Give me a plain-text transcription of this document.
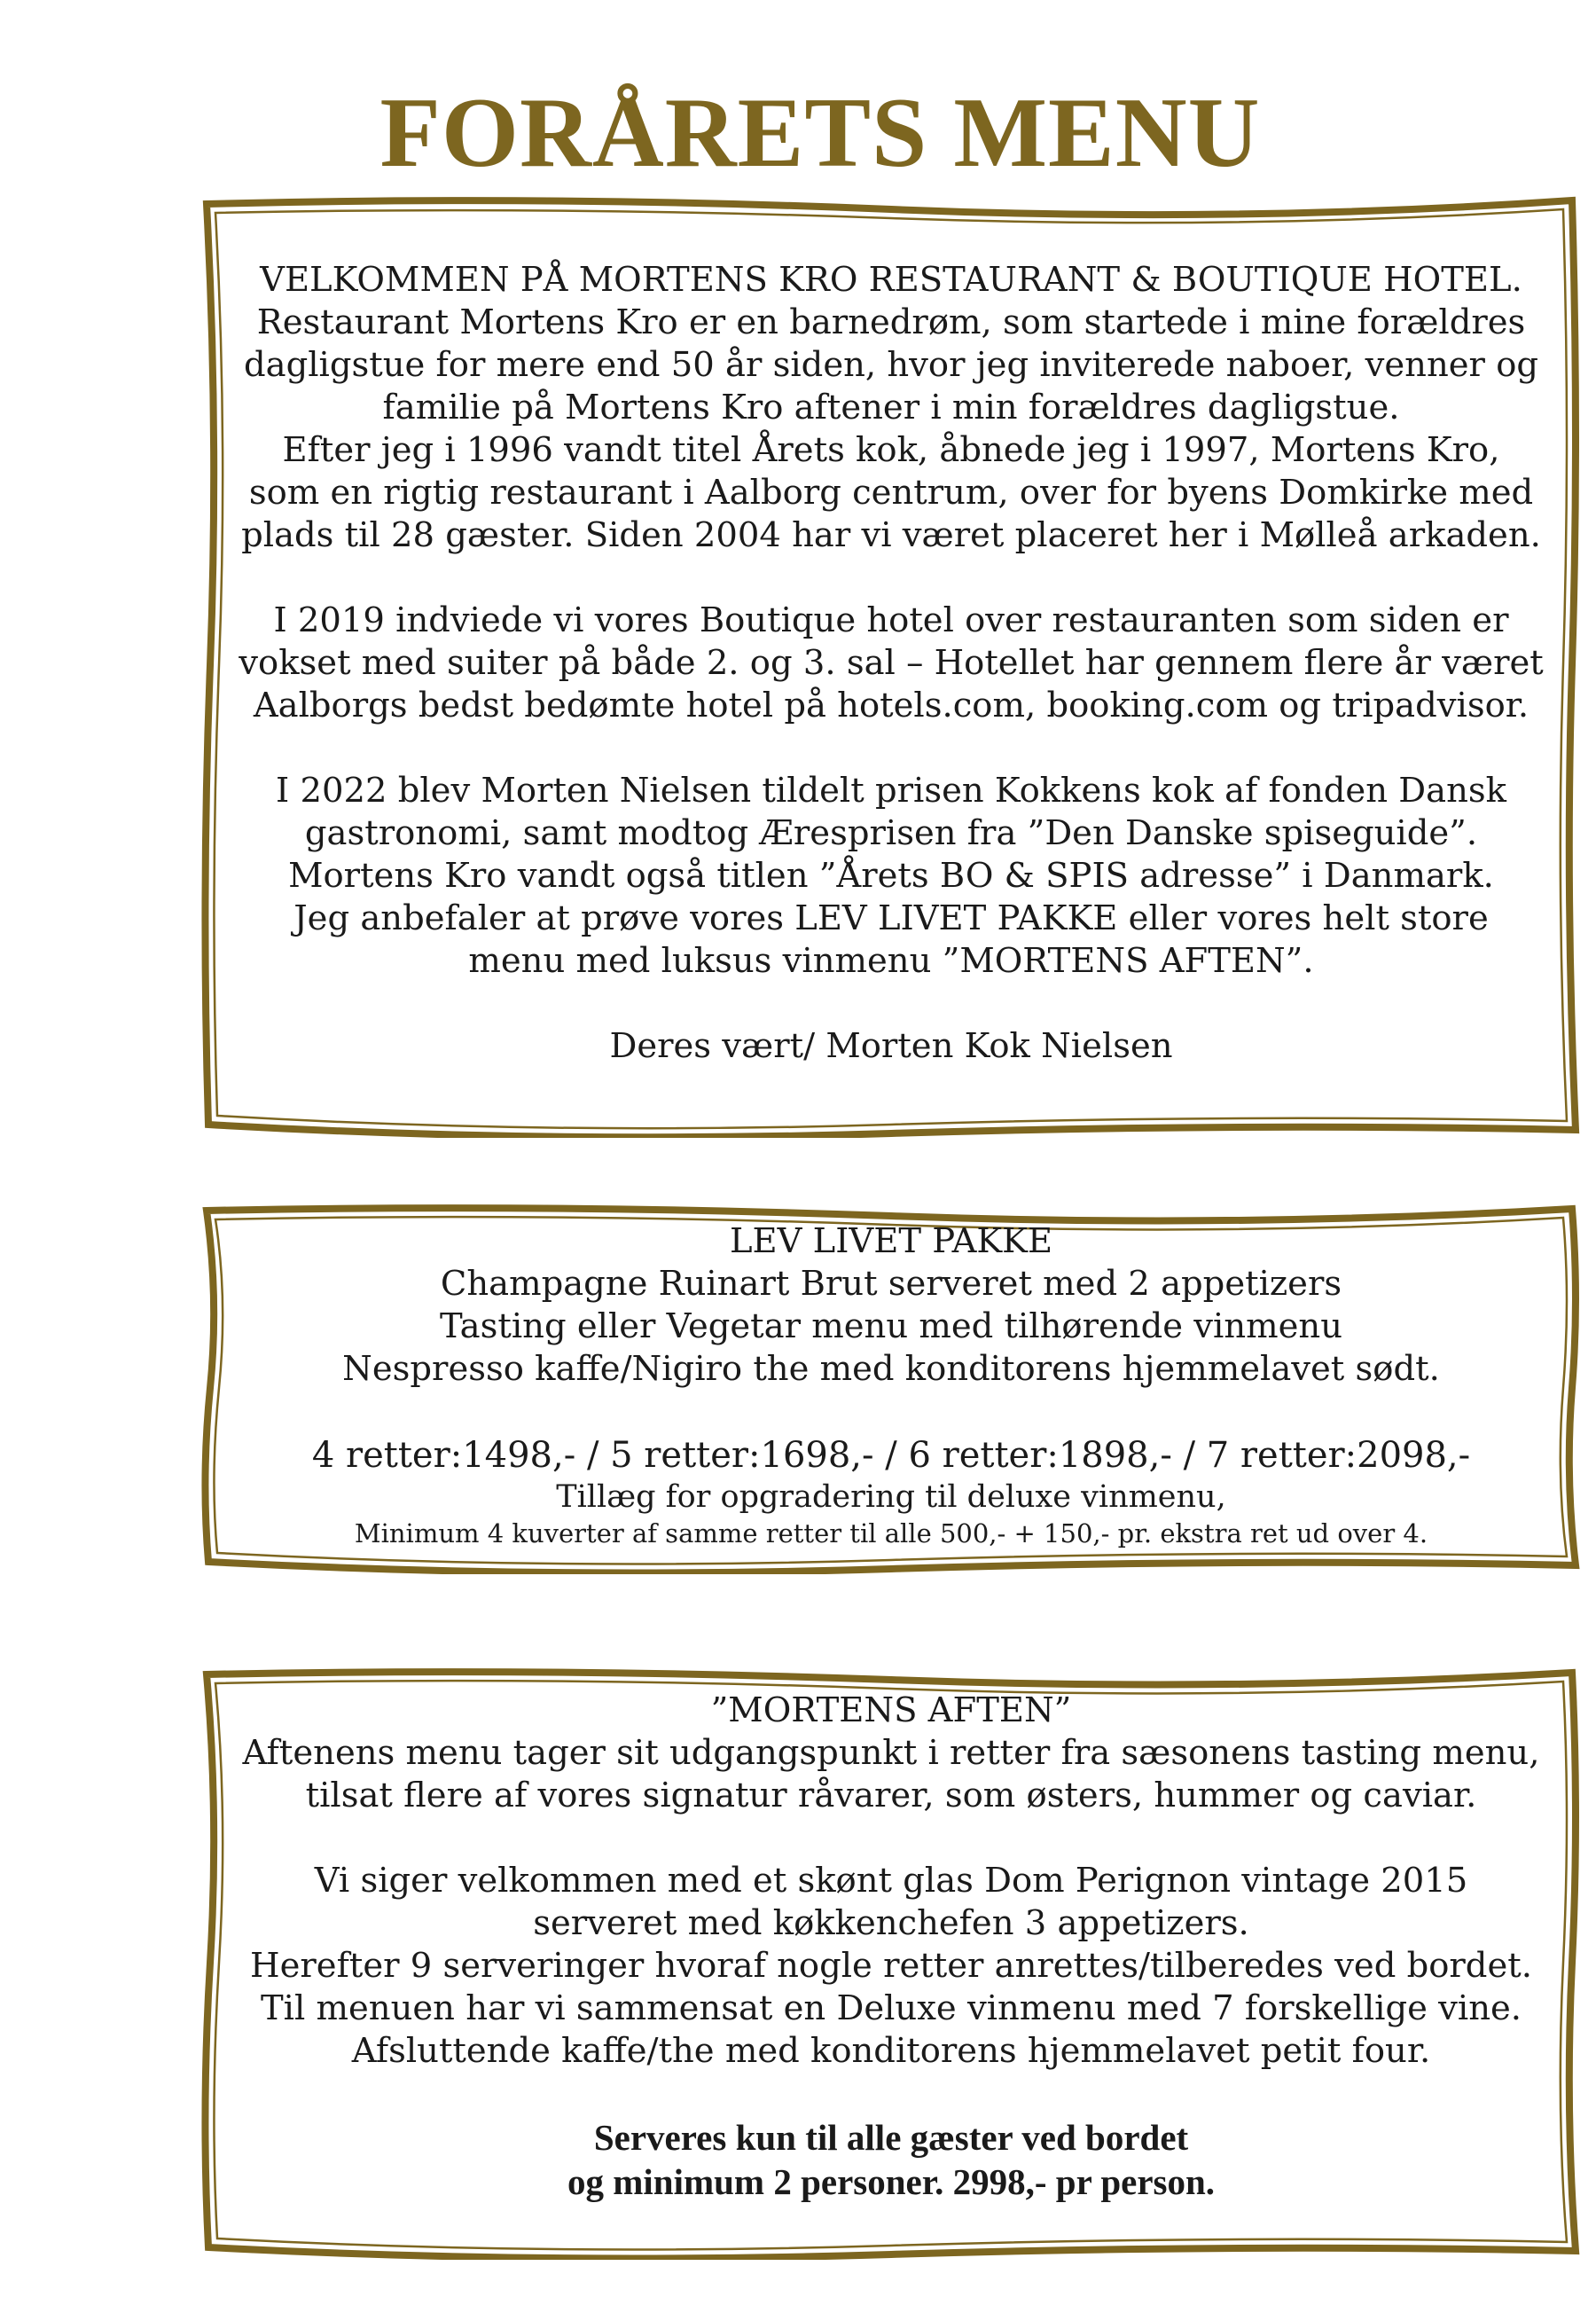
FORÅRETS MENU

VELKOMMEN PÅ MORTENS KRO RESTAURANT & BOUTIQUE HOTEL.

Restaurant Mortens Kro er en barnedrøm, som startede i mine forældres

dagligstue for mere end 50 år siden, hvor jeg inviterede naboer, venner og

familie på Mortens Kro aftener i min forældres dagligstue.

Efter jeg i 1996 vandt titel Årets kok, åbnede jeg i 1997, Mortens Kro,

som en rigtig restaurant i Aalborg centrum, over for byens Domkirke med

plads til 28 gæster. Siden 2004 har vi været placeret her i Mølleå arkaden.

I 2019 indviede vi vores Boutique hotel over restauranten som siden er

vokset med suiter på både 2. og 3. sal – Hotellet har gennem flere år været

Aalborgs bedst bedømte hotel på hotels.com, booking.com og tripadvisor.

I 2022 blev Morten Nielsen tildelt prisen Kokkens kok af fonden Dansk

gastronomi, samt modtog Æresprisen fra ”Den Danske spiseguide”.

Mortens Kro vandt også titlen ”Årets BO & SPIS adresse” i Danmark.

Jeg anbefaler at prøve vores LEV LIVET PAKKE eller vores helt store

menu med luksus vinmenu ”MORTENS AFTEN”.

Deres vært/ Morten Kok Nielsen

LEV LIVET PAKKE

Champagne Ruinart Brut serveret med 2 appetizers

Tasting eller Vegetar menu med tilhørende vinmenu

Nespresso kaffe/Nigiro the med konditorens hjemmelavet sødt.

4 retter:1498,- / 5 retter:1698,- / 6 retter:1898,- / 7 retter:2098,-

Tillæg for opgradering til deluxe vinmenu,

Minimum 4 kuverter af samme retter til alle 500,- + 150,- pr. ekstra ret ud over 4.

”MORTENS AFTEN”

Aftenens menu tager sit udgangspunkt i retter fra sæsonens tasting menu,

tilsat flere af vores signatur råvarer, som østers, hummer og caviar.

Vi siger velkommen med et skønt glas Dom Perignon vintage 2015

serveret med køkkenchefen 3 appetizers.

Herefter 9 serveringer hvoraf nogle retter anrettes/tilberedes ved bordet.

Til menuen har vi sammensat en Deluxe vinmenu med 7 forskellige vine.

Afsluttende kaffe/the med konditorens hjemmelavet petit four.

Serveres kun til alle gæster ved bordet

og minimum 2 personer. 2998,- pr person.
